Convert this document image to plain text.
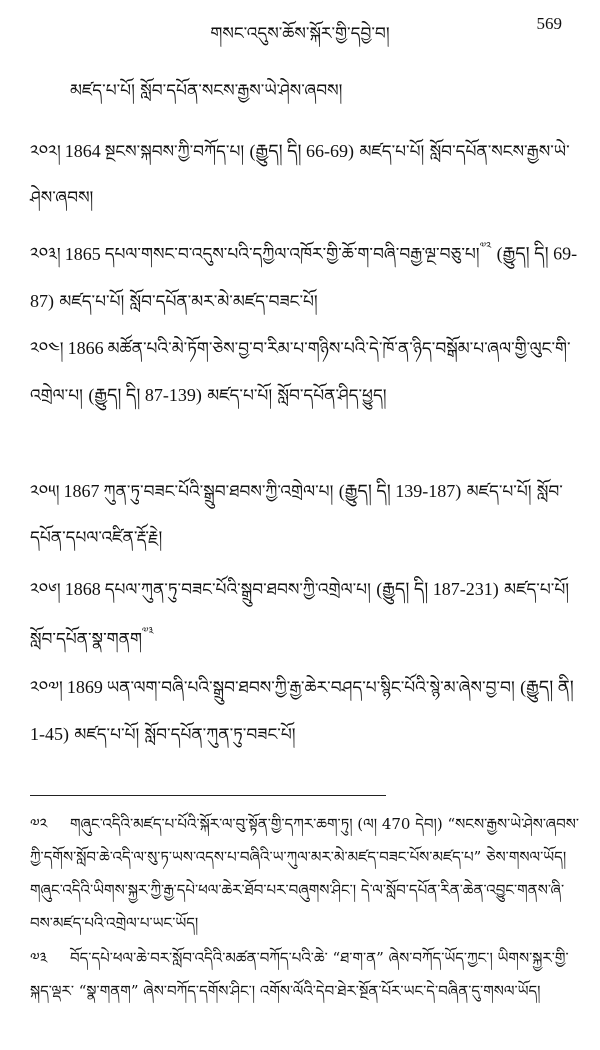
གསང་འདུས་ཆོས་སྐོར་གྱི་དབྱེ་བ།
569
མཛད་པ་པོ། སློབ་དཔོན་སངས་རྒྱས་ཡེ་ཤེས་ཞབས།
༢༠༢། 1864 སྔངས་སྐབས་ཀྱི་བཀོད་པ། (རྒྱུད། དི། 66-69) མཛད་པ་པོ། སློབ་དཔོན་སངས་རྒྱས་ཡེ་ཤེས་ཞབས།
༢༠༣། 1865 དཔལ་གསང་བ་འདུས་པའི་དཀྱིལ་འཁོར་གྱི་ཆོ་ག་བཞི་བརྒྱ་ལྔ་བཅུ་པ།$^{༧༢}$ (རྒྱུད། དི། 69-87) མཛད་པ་པོ། སློབ་དཔོན་མར་མེ་མཛད་བཟང་པོ།
༢༠༤། 1866 མཚོན་པའི་མེ་ཏོག་ཅེས་བྱ་བ་རིམ་པ་གཉིས་པའི་དེ་ཁོ་ན་ཉིད་བསྒོམ་པ་ཞལ་གྱི་ལུང་གི་འགྲེལ་པ། (རྒྱུད། དི། 87-139) མཛད་པ་པོ། སློབ་དཔོན་ཤིད་ཕྱུད།
༢༠༥། 1867 ཀུན་ཏུ་བཟང་པོའི་སྒྲུབ་ཐབས་ཀྱི་འགྲེལ་པ། (རྒྱུད། དི། 139-187) མཛད་པ་པོ། སློབ་དཔོན་དཔལ་འཛིན་རྡོ་རྗེ།
༢༠༦། 1868 དཔལ་ཀུན་ཏུ་བཟང་པོའི་སྒྲུབ་ཐབས་ཀྱི་འགྲེལ་པ། (རྒྱུད། དི། 187-231) མཛད་པ་པོ། སློབ་དཔོན་སྣ་གནག$^{༧༣}$
༢༠༧། 1869 ཡན་ལག་བཞི་པའི་སྒྲུབ་ཐབས་ཀྱི་རྒྱ་ཆེར་བཤད་པ་སྙིང་པོའི་སྙེ་མ་ཞེས་བྱ་བ། (རྒྱུད། ནི། 1-45) མཛད་པ་པོ། སློབ་དཔོན་ཀུན་ཏུ་བཟང་པོ།
༧༢ གཞུང་འདིའི་མཛད་པ་པོའི་སྐོར་ལ་བུ་སྟོན་གྱི་དཀར་ཆག་ཏུ། (ལ། 470 དེབ།) “སངས་རྒྱས་ཡེ་ཤེས་ཞབས་ཀྱི་དགོས་སློབ་ཆེ་འདི་ལ་སུ་ཏ་ཡས་འདས་པ་བཞིའི་ཡ་ཀུལ་མར་མེ་མཛད་བཟང་པོས་མཛད་པ” ཅེས་གསལ་ཡོད། གཞུང་འདིའི་ཡིགས་སྐྱར་ཀྱི་རྒྱ་དཔེ་ཕལ་ཆེར་ཐོབ་པར་བཞུགས་ཤིང་། དེ་ལ་སློབ་དཔོན་རིན་ཆེན་འབྱུང་གནས་ཞི་བས་མཛད་པའི་འགྲེལ་པ་ཡང་ཡོད།
༧༣ བོད་དཔེ་ཕལ་ཆེ་བར་སློབ་འདིའི་མཚན་བཀོད་པའི་ཆེ་ “ཐ་ག་ན” ཞེས་བཀོད་ཡོད་ཀྱང་། ཡིགས་སྐྱར་གྱི་སྐད་ལྡར་ “སྣ་གནག” ཞེས་བཀོད་དགོས་ཤིང་། འགོས་ལོའི་དེབ་ཐེར་སྔོན་པོར་ཡང་དེ་བཞིན་དུ་གསལ་ཡོད།
